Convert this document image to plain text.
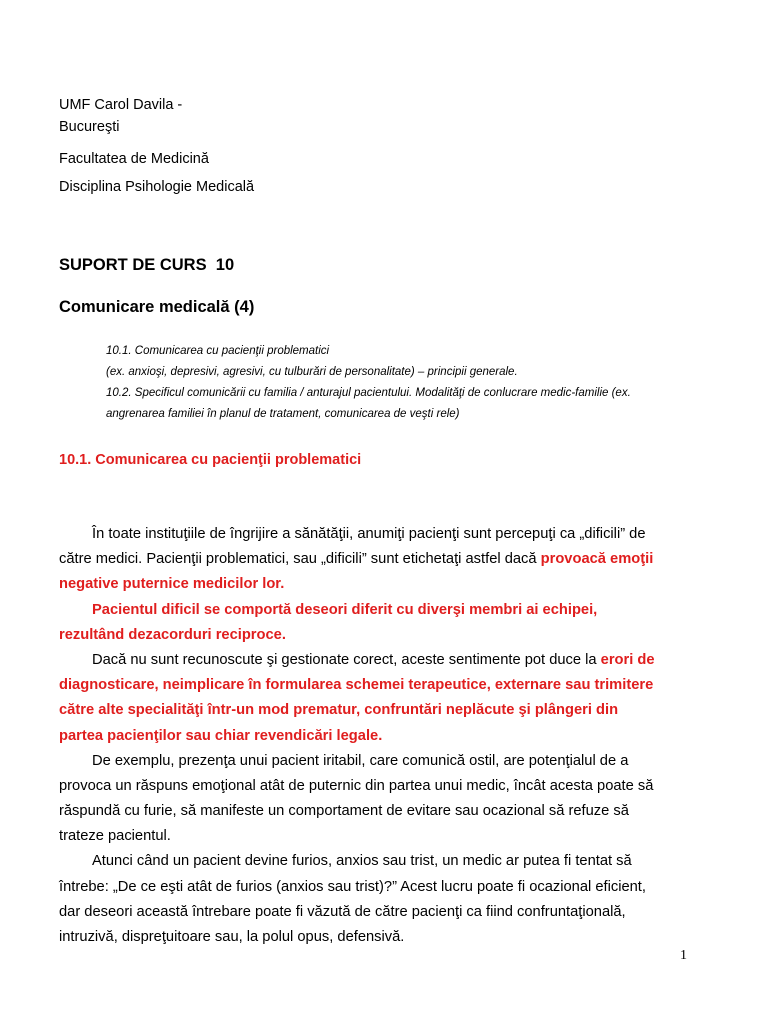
UMF Carol Davila -
Bucureşti
Facultatea de Medicină
Disciplina Psihologie Medicală
SUPORT DE CURS  10
Comunicare medicală (4)
10.1. Comunicarea cu pacienţii problematici
(ex. anxioşi, depresivi, agresivi, cu tulburări de personalitate) – principii generale.
10.2. Specificul comunicării cu familia / anturajul pacientului. Modalităţi de conlucrare medic-familie (ex.
angrenarea familiei în planul de tratament, comunicarea de veşti rele)
10.1. Comunicarea cu pacienţii problematici
În toate instituţiile de îngrijire a sănătăţii, anumiţi pacienţi sunt percepuţi ca „dificili” de
către medici. Pacienţii problematici, sau „dificili” sunt etichetaţi astfel dacă provoacă emoţii
negative puternice medicilor lor.
Pacientul dificil se comportă deseori diferit cu diverşi membri ai echipei,
rezultând dezacorduri reciproce.
Dacă nu sunt recunoscute şi gestionate corect, aceste sentimente pot duce la erori de
diagnosticare, neimplicare în formularea schemei terapeutice, externare sau trimitere
către alte specialităţi într-un mod prematur, confruntări neplăcute şi plângeri din
partea pacienţilor sau chiar revendicări legale.
De exemplu, prezenţa unui pacient iritabil, care comunică ostil, are potenţialul de a
provoca un răspuns emoţional atât de puternic din partea unui medic, încât acesta poate să
răspundă cu furie, să manifeste un comportament de evitare sau ocazional să refuze să
trateze pacientul.
Atunci când un pacient devine furios, anxios sau trist, un medic ar putea fi tentat să
întrebe: „De ce eşti atât de furios (anxios sau trist)?” Acest lucru poate fi ocazional eficient,
dar deseori această întrebare poate fi văzută de către pacienţi ca fiind confruntaţională,
intruzivă, dispreţuitoare sau, la polul opus, defensivă.
1
